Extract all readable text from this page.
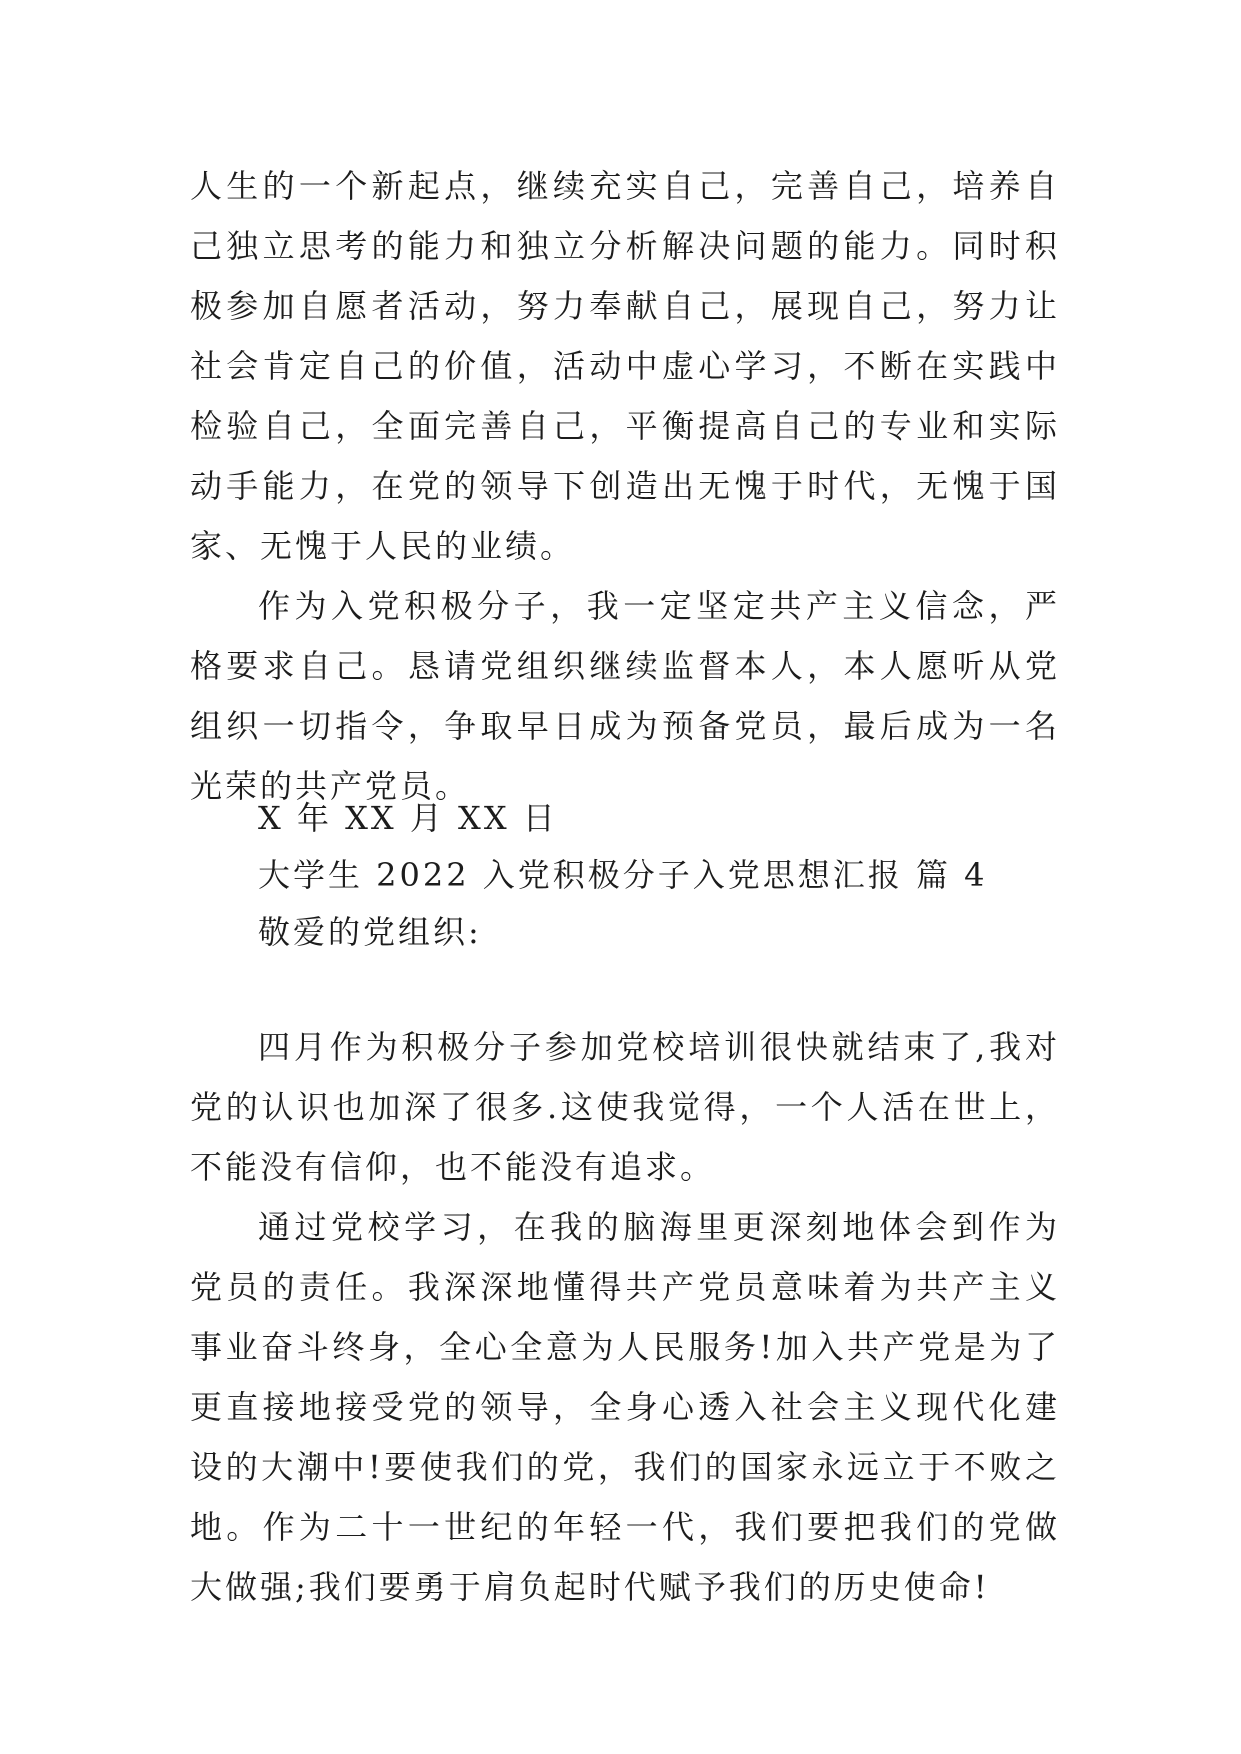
人生的一个新起点，继续充实自己，完善自己，培养自己独立思考的能力和独立分析解决问题的能力。同时积极参加自愿者活动，努力奉献自己，展现自己，努力让社会肯定自己的价值，活动中虚心学习，不断在实践中检验自己，全面完善自己，平衡提高自己的专业和实际动手能力，在党的领导下创造出无愧于时代，无愧于国家、无愧于人民的业绩。

作为入党积极分子，我一定坚定共产主义信念，严格要求自己。恳请党组织继续监督本人，本人愿听从党组织一切指令，争取早日成为预备党员，最后成为一名光荣的共产党员。

X 年 XX 月 XX 日

大学生 2022 入党积极分子入党思想汇报 篇 4

敬爱的党组织:

四月作为积极分子参加党校培训很快就结束了,我对党的认识也加深了很多.这使我觉得，一个人活在世上，不能没有信仰，也不能没有追求。

通过党校学习，在我的脑海里更深刻地体会到作为党员的责任。我深深地懂得共产党员意味着为共产主义事业奋斗终身，全心全意为人民服务!加入共产党是为了更直接地接受党的领导，全身心透入社会主义现代化建设的大潮中!要使我们的党，我们的国家永远立于不败之地。作为二十一世纪的年轻一代，我们要把我们的党做大做强;我们要勇于肩负起时代赋予我们的历史使命!
